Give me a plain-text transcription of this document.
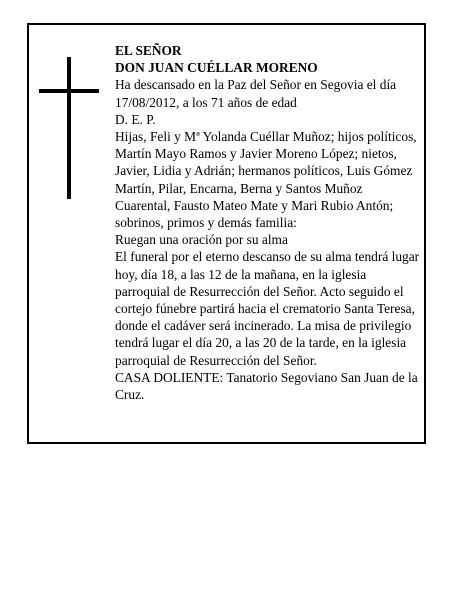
EL SEÑOR

DON JUAN CUÉLLAR MORENO

Ha descansado en la Paz del Señor en Segovia el día 17/08/2012, a los 71 años de edad

D. E. P.

Hijas, Feli y Mª Yolanda Cuéllar Muñoz; hijos políticos, Martín Mayo Ramos y Javier Moreno López; nietos, Javier, Lidia y Adrián; hermanos políticos, Luis Gómez Martín, Pilar, Encarna, Berna y Santos Muñoz Cuarental, Fausto Mateo Mate y Mari Rubio Antón; sobrinos, primos y demás familia:

Ruegan una oración por su alma

El funeral por el eterno descanso de su alma tendrá lugar hoy, día 18, a las 12 de la mañana, en la iglesia parroquial de Resurrección del Señor. Acto seguido el cortejo fúnebre partirá hacia el crematorio Santa Teresa, donde el cadáver será incinerado. La misa de privilegio tendrá lugar el día 20, a las 20 de la tarde, en la iglesia parroquial de Resurrección del Señor.

CASA DOLIENTE: Tanatorio Segoviano San Juan de la Cruz.
